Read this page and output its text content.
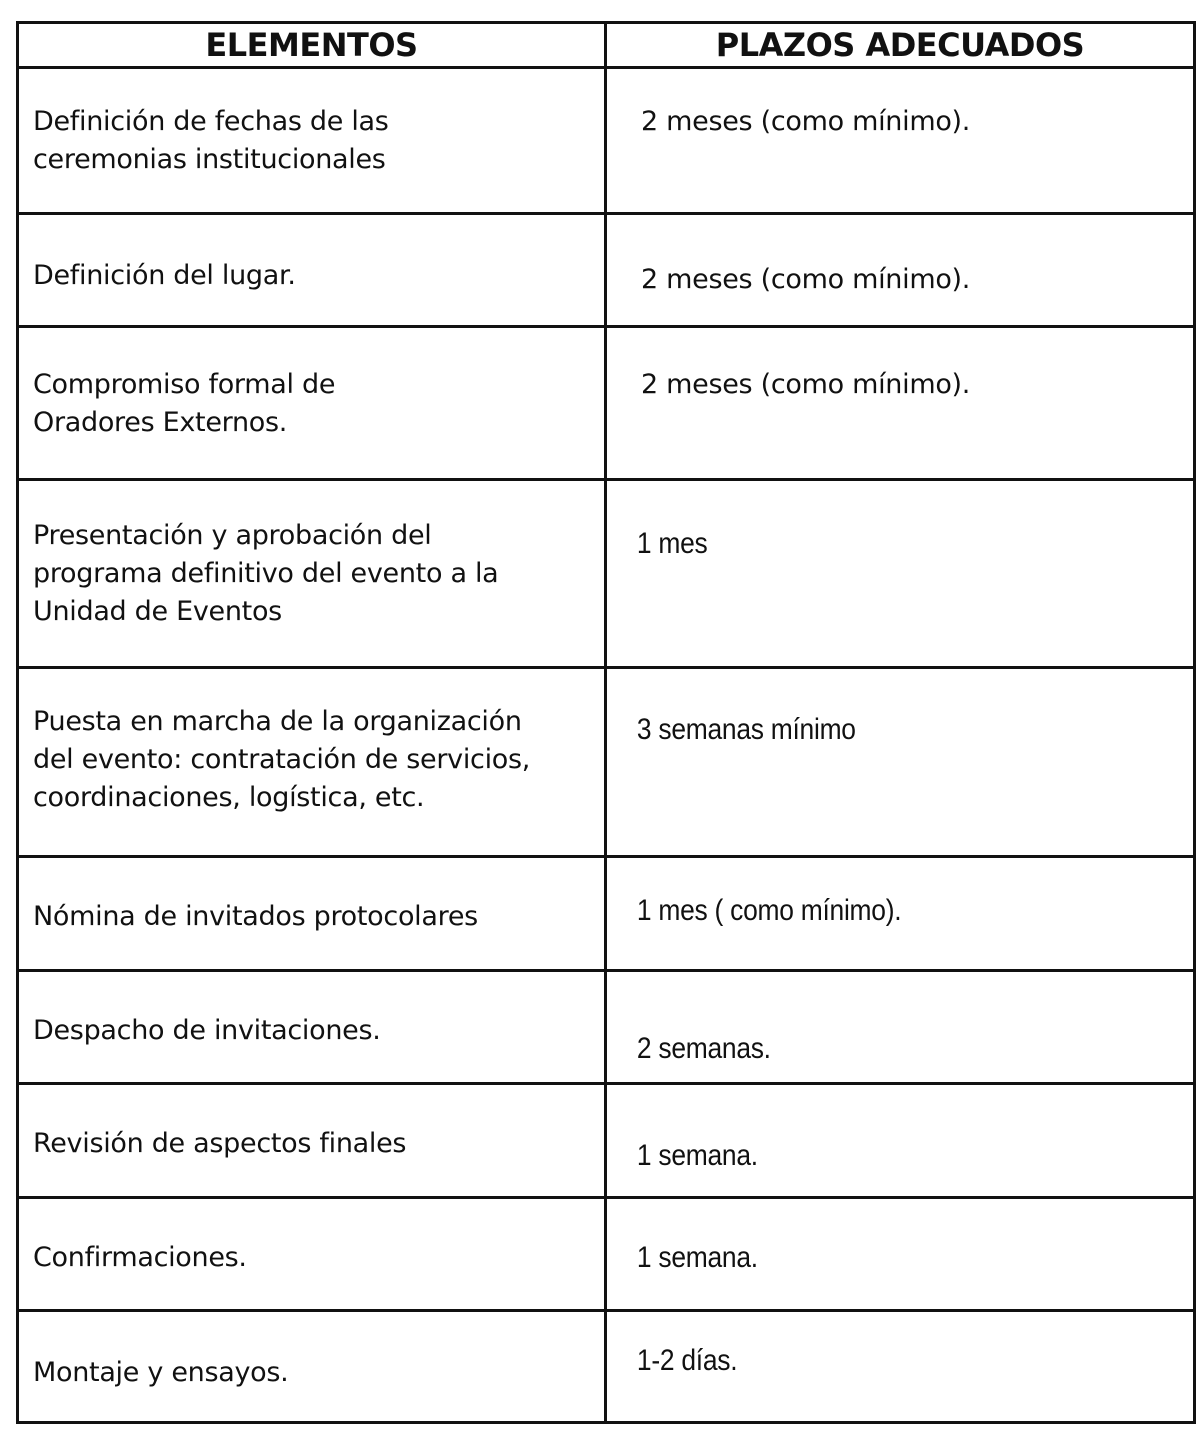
ELEMENTOS	PLAZOS ADECUADOS

Definición de fechas de las
ceremonias institucionales	2 meses (como mínimo).

Definición del lugar.	2 meses (como mínimo).

Compromiso formal de
Oradores Externos.	2 meses (como mínimo).

Presentación y aprobación del
programa definitivo del evento a la
Unidad de Eventos	1 mes

Puesta en marcha de la organización
del evento: contratación de servicios,
coordinaciones, logística, etc.	3 semanas mínimo

Nómina de invitados protocolares	1 mes ( como mínimo).

Despacho de invitaciones.	2 semanas.

Revisión de aspectos finales	1 semana.

Confirmaciones.	1 semana.

Montaje y ensayos.	1-2 días.
